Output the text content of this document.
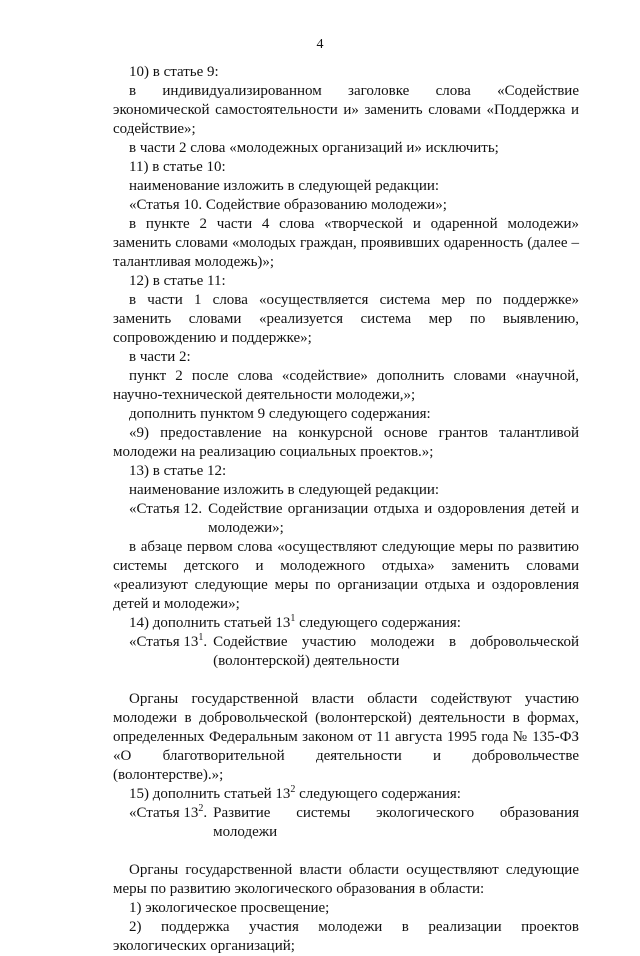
4

10) в статье 9:

в индивидуализированном заголовке слова «Содействие экономической самостоятельности и» заменить словами «Поддержка и содействие»;

в части 2 слова «молодежных организаций и» исключить;

11) в статье 10:

наименование изложить в следующей редакции:

«Статья 10. Содействие образованию молодежи»;

в пункте 2 части 4 слова «творческой и одаренной молодежи» заменить словами «молодых граждан, проявивших одаренность (далее – талантливая молодежь)»;

12) в статье 11:

в части 1 слова «осуществляется система мер по поддержке» заменить словами «реализуется система мер по выявлению, сопровождению и поддержке»;

в части 2:

пункт 2 после слова «содействие» дополнить словами «научной, научно-технической деятельности молодежи,»;

дополнить пунктом 9 следующего содержания:

«9) предоставление на конкурсной основе грантов талантливой молодежи на реализацию социальных проектов.»;

13) в статье 12:

наименование изложить в следующей редакции:

«Статья 12. Содействие организации отдыха и оздоровления детей и молодежи»;

в абзаце первом слова «осуществляют следующие меры по развитию системы детского и молодежного отдыха» заменить словами «реализуют следующие меры по организации отдыха и оздоровления детей и молодежи»;

14) дополнить статьей $13^1$ следующего содержания:

«Статья $13^1$. Содействие участию молодежи в добровольческой (волонтерской) деятельности

Органы государственной власти области содействуют участию молодежи в добровольческой (волонтерской) деятельности в формах, определенных Федеральным законом от 11 августа 1995 года № 135-ФЗ «О благотворительной деятельности и добровольчестве (волонтерстве).»;

15) дополнить статьей $13^2$ следующего содержания:

«Статья $13^2$. Развитие системы экологического образования молодежи

Органы государственной власти области осуществляют следующие меры по развитию экологического образования в области:

1) экологическое просвещение;

2) поддержка участия молодежи в реализации проектов экологических организаций;
